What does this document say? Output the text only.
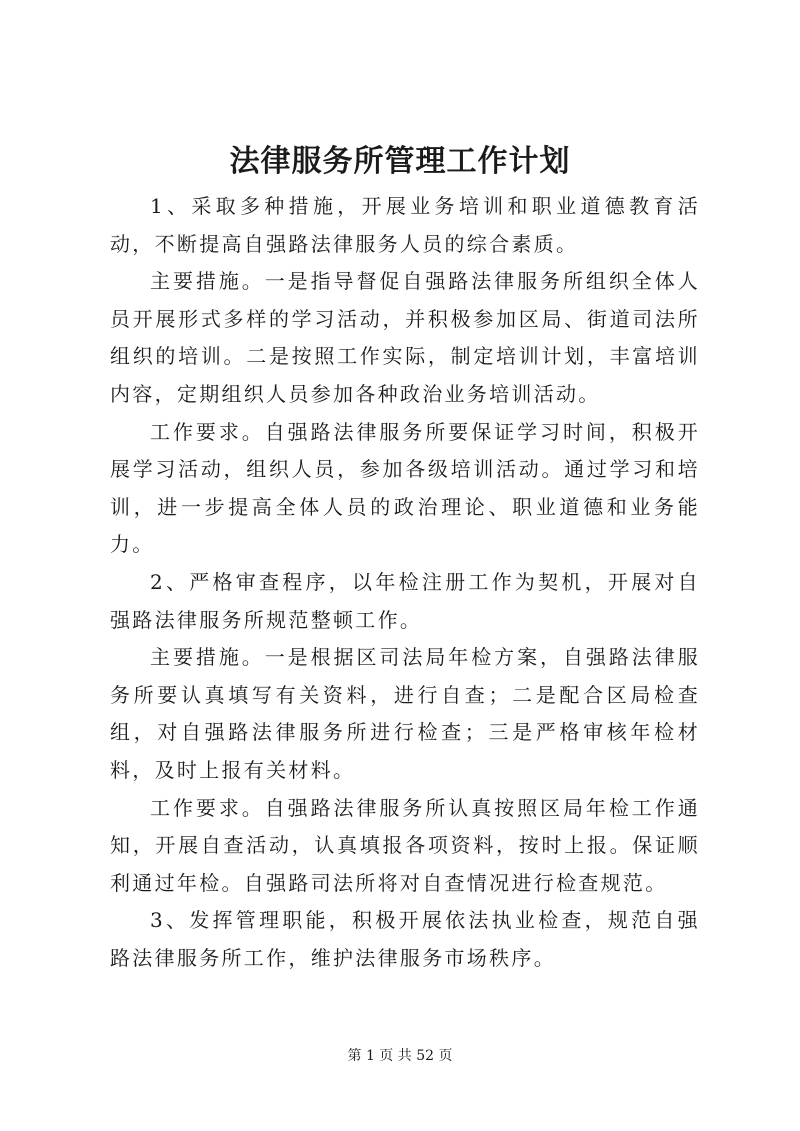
法律服务所管理工作计划

1、采取多种措施，开展业务培训和职业道德教育活动，不断提高自强路法律服务人员的综合素质。

主要措施。一是指导督促自强路法律服务所组织全体人员开展形式多样的学习活动，并积极参加区局、街道司法所组织的培训。二是按照工作实际，制定培训计划，丰富培训内容，定期组织人员参加各种政治业务培训活动。

工作要求。自强路法律服务所要保证学习时间，积极开展学习活动，组织人员，参加各级培训活动。通过学习和培训，进一步提高全体人员的政治理论、职业道德和业务能力。

2、严格审查程序，以年检注册工作为契机，开展对自强路法律服务所规范整顿工作。

主要措施。一是根据区司法局年检方案，自强路法律服务所要认真填写有关资料，进行自查；二是配合区局检查组，对自强路法律服务所进行检查；三是严格审核年检材料，及时上报有关材料。

工作要求。自强路法律服务所认真按照区局年检工作通知，开展自查活动，认真填报各项资料，按时上报。保证顺利通过年检。自强路司法所将对自查情况进行检查规范。

3、发挥管理职能，积极开展依法执业检查，规范自强路法律服务所工作，维护法律服务市场秩序。

第 1 页 共 52 页
